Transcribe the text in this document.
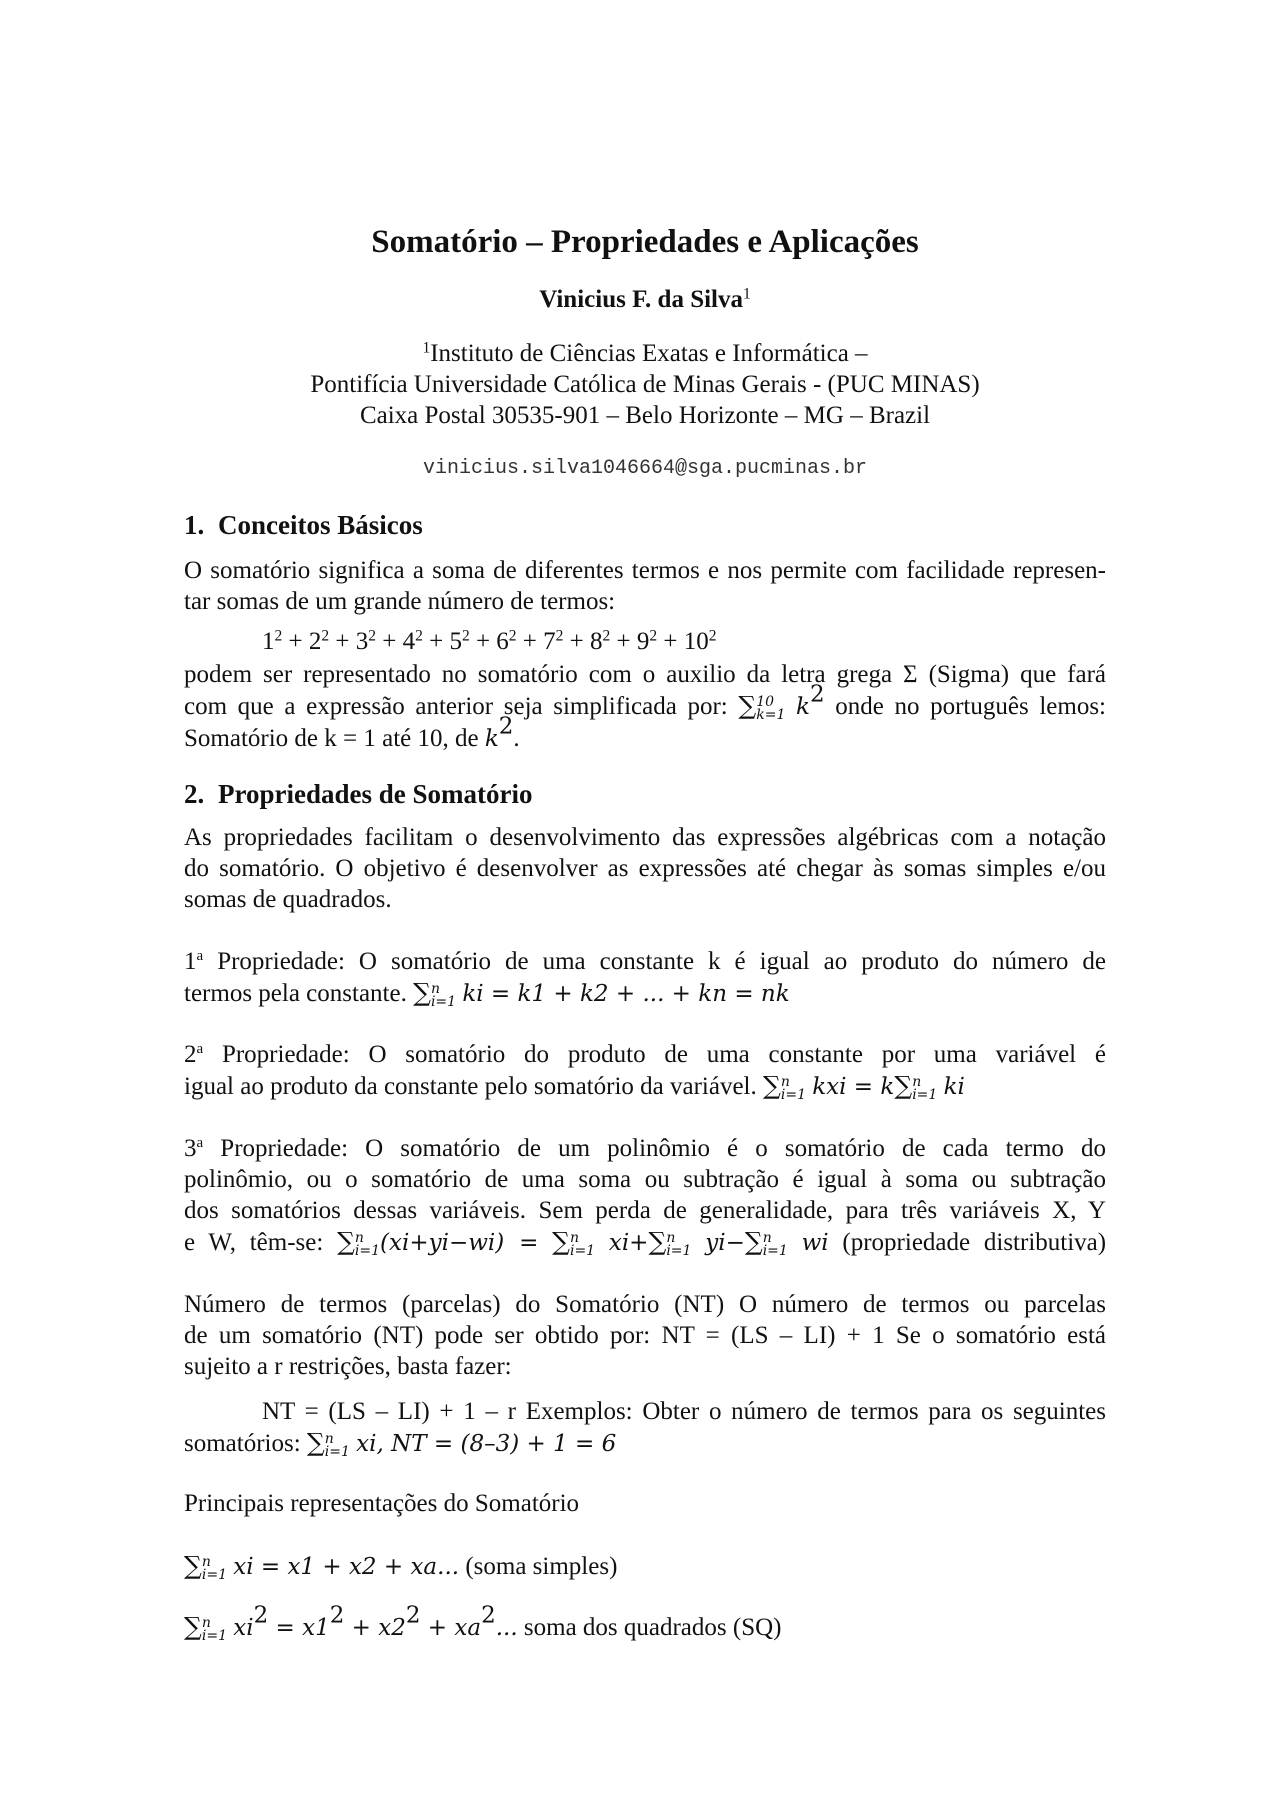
Somatório – Propriedades e Aplicações
Vinicius F. da Silva$^1$
$^1$Instituto de Ciências Exatas e Informática –
Pontifícia Universidade Católica de Minas Gerais - (PUC MINAS)
Caixa Postal 30535-901 – Belo Horizonte – MG – Brazil
vinicius.silva1046664@sga.pucminas.br
1. Conceitos Básicos
O somatório significa a soma de diferentes termos e nos permite com facilidade represen-
tar somas de um grande número de termos:
$1^2 + 2^2 + 3^2 + 4^2 + 5^2 + 6^2 + 7^2 + 8^2 + 9^2 + 10^2$
podem ser representado no somatório com o auxilio da letra grega Σ (Sigma) que fará
com que a expressão anterior seja simplificada por: ∑ 10
k=1 $k^2$ onde no português lemos:
Somatório de k = 1 até 10, de $k^2$.
2. Propriedades de Somatório
As propriedades facilitam o desenvolvimento das expressões algébricas com a notação
do somatório. O objetivo é desenvolver as expressões até chegar às somas simples e/ou
somas de quadrados.
1$^a$ Propriedade: O somatório de uma constante k é igual ao produto do número de
termos pela constante. ∑ n
i=1 ki = k1 + k2 + ... + kn = nk
2$^a$ Propriedade: O somatório do produto de uma constante por uma variável é
igual ao produto da constante pelo somatório da variável. ∑ n
i=1 kxi = k∑ n
i=1 ki
3$^a$ Propriedade: O somatório de um polinômio é o somatório de cada termo do
polinômio, ou o somatório de uma soma ou subtração é igual à soma ou subtração
dos somatórios dessas variáveis. Sem perda de generalidade, para três variáveis X, Y
e W, têm-se: ∑ n
i=1 (xi+yi−wi) = ∑ n
i=1 xi+∑ n
i=1 yi−∑ n
i=1 wi (propriedade distributiva)
Número de termos (parcelas) do Somatório (NT) O número de termos ou parcelas
de um somatório (NT) pode ser obtido por: NT = (LS – LI) + 1 Se o somatório está
sujeito a r restrições, basta fazer:
NT = (LS – LI) + 1 – r Exemplos: Obter o número de termos para os seguintes
somatórios: ∑ n
i=1 xi, NT = (8–3) + 1 = 6
Principais representações do Somatório
∑ n
i=1 xi = x1 + x2 + xa... (soma simples)
∑ n
i=1 $xi^2 = x1^2 + x2^2 + xa^2$... soma dos quadrados (SQ)
